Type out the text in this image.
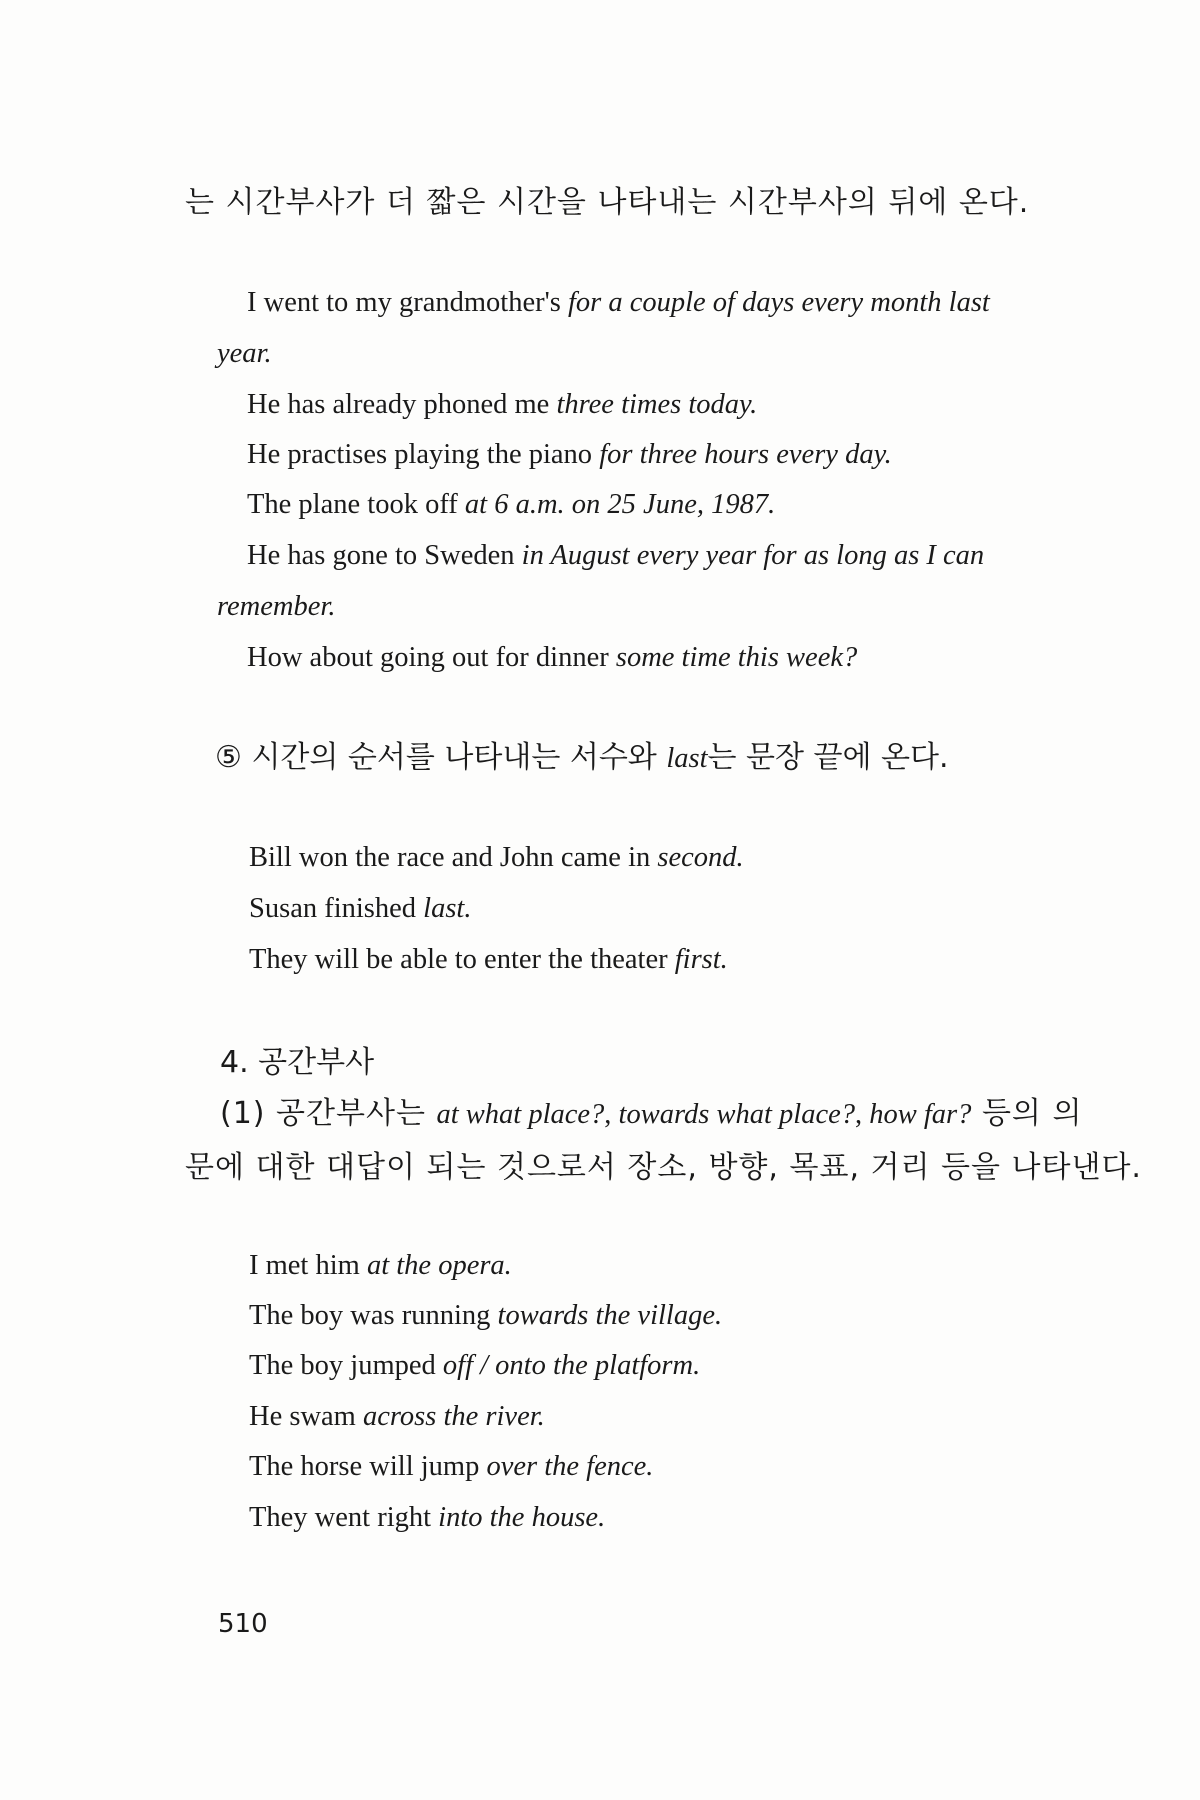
는 시간부사가 더 짧은 시간을 나타내는 시간부사의 뒤에 온다.
I went to my grandmother's for a couple of days every month last
year.
He has already phoned me three times today.
He practises playing the piano for three hours every day.
The plane took off at 6 a.m. on 25 June, 1987.
He has gone to Sweden in August every year for as long as I can
remember.
How about going out for dinner some time this week?
⑤ 시간의 순서를 나타내는 서수와 last는 문장 끝에 온다.
Bill won the race and John came in second.
Susan finished last.
They will be able to enter the theater first.
4. 공간부사
(1) 공간부사는 at what place?, towards what place?, how far? 등의 의
문에 대한 대답이 되는 것으로서 장소, 방향, 목표, 거리 등을 나타낸다.
I met him at the opera.
The boy was running towards the village.
The boy jumped off / onto the platform.
He swam across the river.
The horse will jump over the fence.
They went right into the house.
510
